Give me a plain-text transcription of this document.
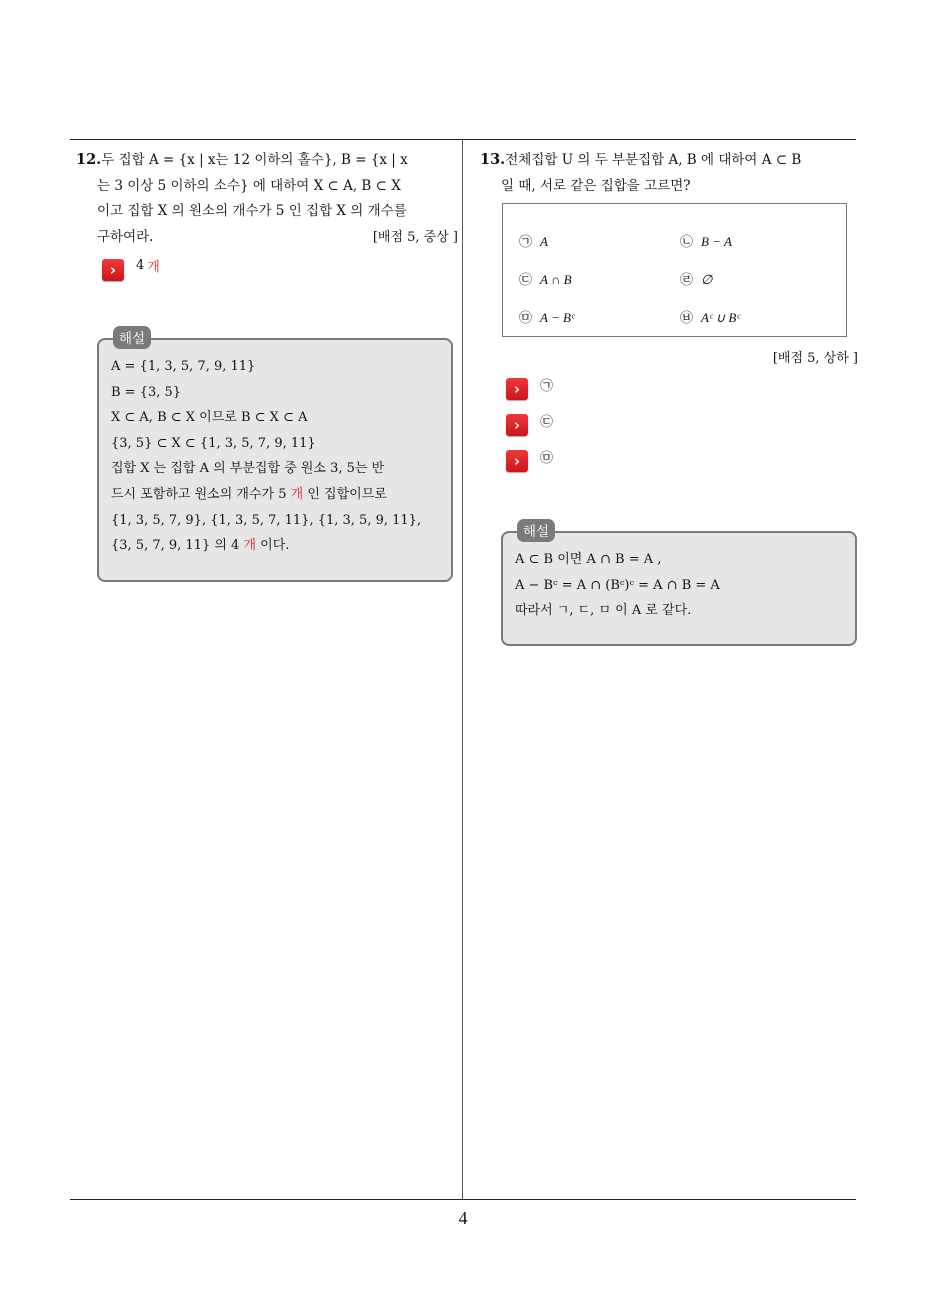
12.두 집합 A = {x | x는 12 이하의 홀수}, B = {x | x
는 3 이상 5 이하의 소수} 에 대하여 X ⊂ A, B ⊂ X
이고 집합 X 의 원소의 개수가 5 인 집합 X 의 개수를
구하여라.	[배점 5, 중상 ]
›	4 개
A = {1, 3, 5, 7, 9, 11}
B = {3, 5}
X ⊂ A, B ⊂ X 이므로 B ⊂ X ⊂ A
{3, 5} ⊂ X ⊂ {1, 3, 5, 7, 9, 11}
집합 X 는 집합 A 의 부분집합 중 원소 3, 5는 반
드시 포함하고 원소의 개수가 5 개 인 집합이므로
{1, 3, 5, 7, 9}, {1, 3, 5, 7, 11}, {1, 3, 5, 9, 11},
{3, 5, 7, 9, 11} 의 4 개 이다.
해설
13.전체집합 U 의 두 부분집합 A, B 에 대하여 A ⊂ B
일 때, 서로 같은 집합을 고르면?
㉠ A	㉡ B − A
㉢ A ∩ B	㉣ ∅
㉤ A − Bᶜ	㉥ Aᶜ ∪ Bᶜ
[배점 5, 상하 ]
›	㉠
›	㉢
›	㉤
A ⊂ B 이면 A ∩ B = A ,
A − Bᶜ = A ∩ (Bᶜ)ᶜ = A ∩ B = A
따라서 ㄱ, ㄷ, ㅁ 이 A 로 같다.
해설
4
